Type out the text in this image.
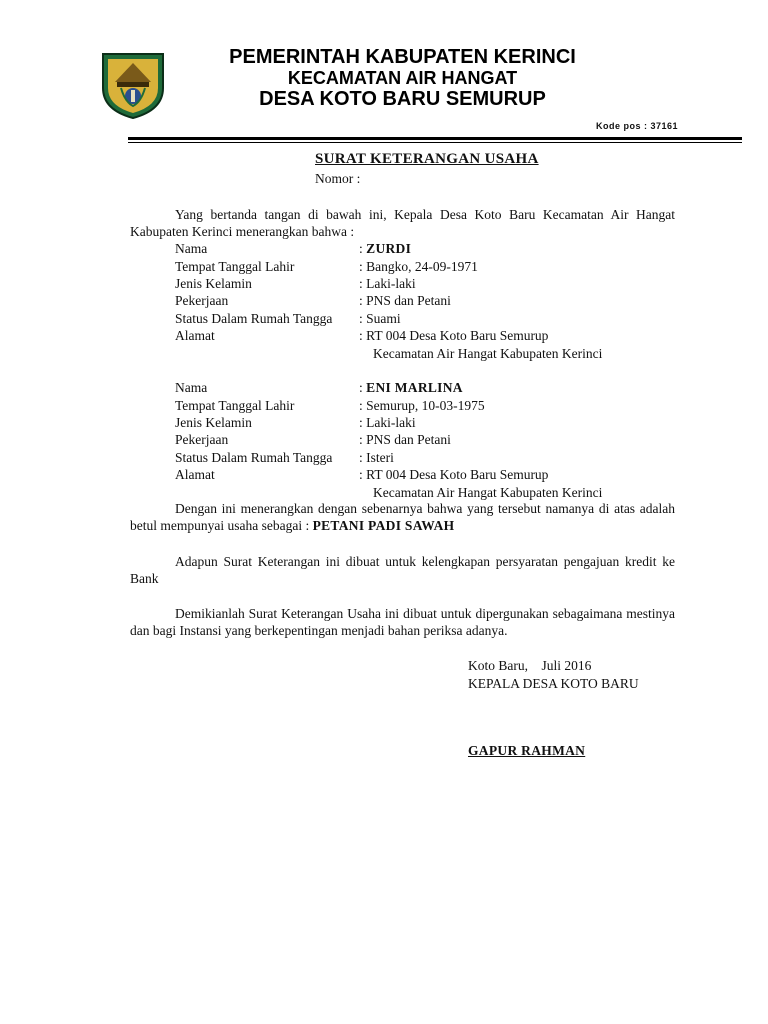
PEMERINTAH KABUPATEN KERINCI
KECAMATAN AIR HANGAT
DESA KOTO BARU SEMURUP
Kode pos : 37161
SURAT KETERANGAN USAHA
Nomor :

Yang bertanda tangan di bawah ini, Kepala Desa Koto Baru Kecamatan Air Hangat Kabupaten Kerinci menerangkan bahwa :

Nama	: ZURDI
Tempat Tanggal Lahir	: Bangko, 24-09-1971
Jenis Kelamin	: Laki-laki
Pekerjaan	: PNS dan Petani
Status Dalam Rumah Tangga : Suami
Alamat	: RT 004 Desa Koto Baru Semurup
Kecamatan Air Hangat Kabupaten Kerinci
Nama	: ENI MARLINA
Tempat Tanggal Lahir	: Semurup, 10-03-1975
Jenis Kelamin	: Laki-laki
Pekerjaan	: PNS dan Petani
Status Dalam Rumah Tangga : Isteri
Alamat	: RT 004 Desa Koto Baru Semurup
Kecamatan Air Hangat Kabupaten Kerinci

Dengan ini menerangkan dengan sebenarnya bahwa yang tersebut namanya di atas adalah betul mempunyai usaha sebagai : PETANI PADI SAWAH

Adapun Surat Keterangan ini dibuat untuk kelengkapan persyaratan pengajuan kredit ke Bank

Demikianlah Surat Keterangan Usaha ini dibuat untuk dipergunakan sebagaimana mestinya dan bagi Instansi yang berkepentingan menjadi bahan periksa adanya.

Koto Baru,    Juli 2016
KEPALA DESA KOTO BARU
GAPUR RAHMAN
